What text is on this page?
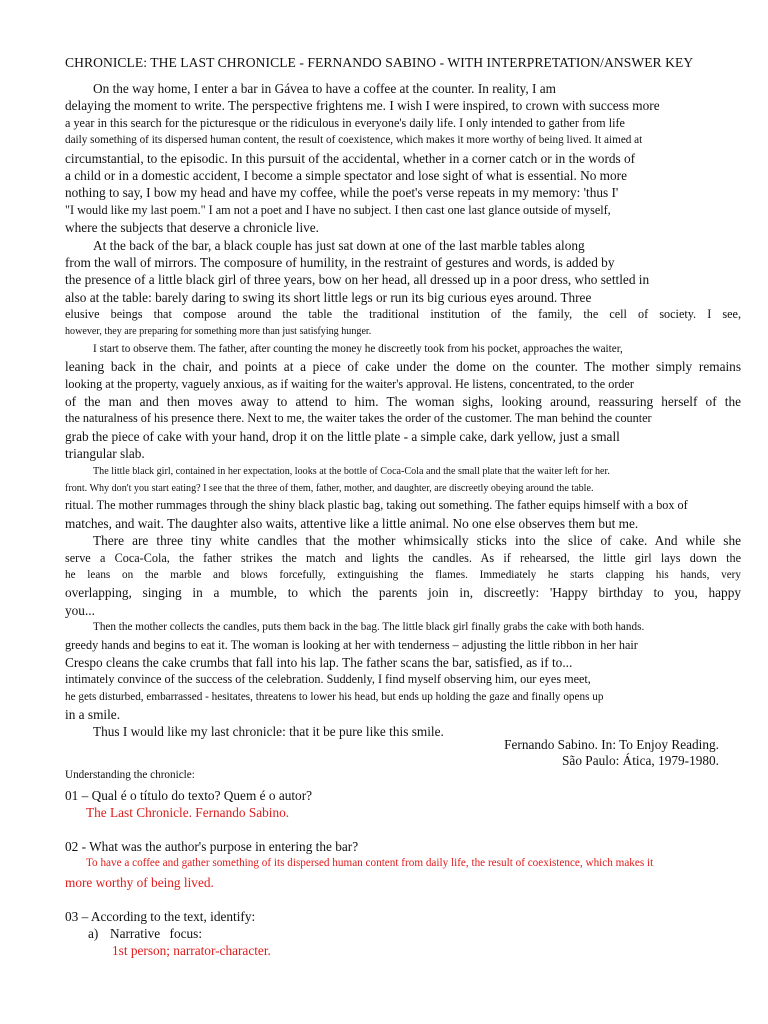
CHRONICLE: THE LAST CHRONICLE - FERNANDO SABINO - WITH INTERPRETATION/ANSWER KEY
On the way home, I enter a bar in Gávea to have a coffee at the counter. In reality, I am
delaying the moment to write. The perspective frightens me. I wish I were inspired, to crown with success more
a year in this search for the picturesque or the ridiculous in everyone's daily life. I only intended to gather from life
daily something of its dispersed human content, the result of coexistence, which makes it more worthy of being lived. It aimed at
circumstantial, to the episodic. In this pursuit of the accidental, whether in a corner catch or in the words of
a child or in a domestic accident, I become a simple spectator and lose sight of what is essential. No more
nothing to say, I bow my head and have my coffee, while the poet's verse repeats in my memory: 'thus I'
"I would like my last poem." I am not a poet and I have no subject. I then cast one last glance outside of myself,
where the subjects that deserve a chronicle live.
At the back of the bar, a black couple has just sat down at one of the last marble tables along
from the wall of mirrors. The composure of humility, in the restraint of gestures and words, is added by
the presence of a little black girl of three years, bow on her head, all dressed up in a poor dress, who settled in
also at the table: barely daring to swing its short little legs or run its big curious eyes around. Three
elusive beings that compose around the table the traditional institution of the family, the cell of society. I see,
however, they are preparing for something more than just satisfying hunger.
I start to observe them. The father, after counting the money he discreetly took from his pocket, approaches the waiter,
leaning back in the chair, and points at a piece of cake under the dome on the counter. The mother simply remains
looking at the property, vaguely anxious, as if waiting for the waiter's approval. He listens, concentrated, to the order
of the man and then moves away to attend to him. The woman sighs, looking around, reassuring herself of the
the naturalness of his presence there. Next to me, the waiter takes the order of the customer. The man behind the counter
grab the piece of cake with your hand, drop it on the little plate - a simple cake, dark yellow, just a small
triangular slab.
The little black girl, contained in her expectation, looks at the bottle of Coca-Cola and the small plate that the waiter left for her.
front. Why don't you start eating? I see that the three of them, father, mother, and daughter, are discreetly obeying around the table.
ritual. The mother rummages through the shiny black plastic bag, taking out something. The father equips himself with a box of
matches, and wait. The daughter also waits, attentive like a little animal. No one else observes them but me.
There are three tiny white candles that the mother whimsically sticks into the slice of cake. And while she
serve a Coca-Cola, the father strikes the match and lights the candles. As if rehearsed, the little girl lays down the
he leans on the marble and blows forcefully, extinguishing the flames. Immediately he starts clapping his hands, very
overlapping, singing in a mumble, to which the parents join in, discreetly: 'Happy birthday to you, happy
you...
Then the mother collects the candles, puts them back in the bag. The little black girl finally grabs the cake with both hands.
greedy hands and begins to eat it. The woman is looking at her with tenderness – adjusting the little ribbon in her hair
Crespo cleans the cake crumbs that fall into his lap. The father scans the bar, satisfied, as if to...
intimately convince of the success of the celebration. Suddenly, I find myself observing him, our eyes meet,
he gets disturbed, embarrassed - hesitates, threatens to lower his head, but ends up holding the gaze and finally opens up
in a smile.
Thus I would like my last chronicle: that it be pure like this smile.
Fernando Sabino. In: To Enjoy Reading.
São Paulo: Ática, 1979-1980.
Understanding the chronicle:
01 – Qual é o título do texto? Quem é o autor?
The Last Chronicle. Fernando Sabino.
02 - What was the author's purpose in entering the bar?
To have a coffee and gather something of its dispersed human content from daily life, the result of coexistence, which makes it
more worthy of being lived.
03 – According to the text, identify:
a) Narrative focus:
1st person; narrator-character.
